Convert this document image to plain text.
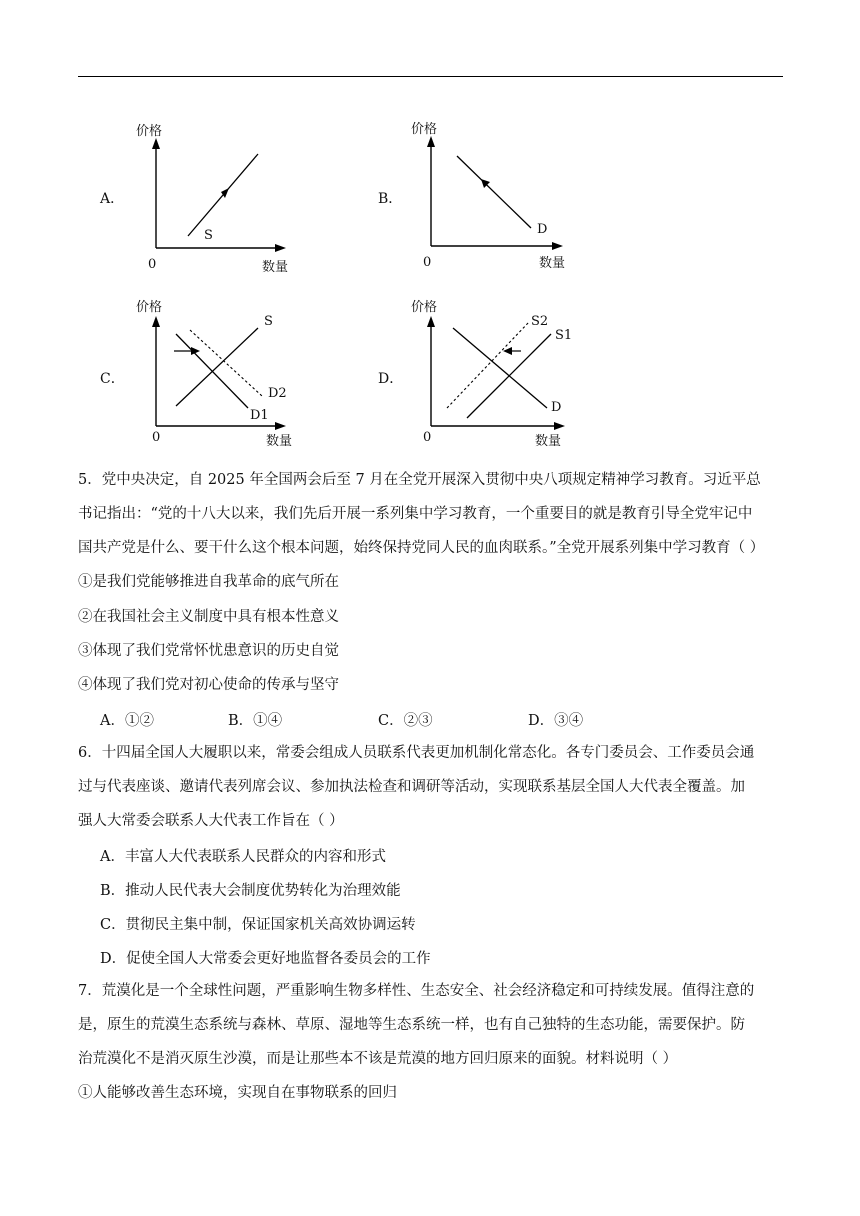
A．
价格
数量
0
S
B．
价格
数量
0
D
C．
价格
数量
0
S
D2
D1
D．
价格
数量
0
S2
S1
D
5．党中央决定，自 2025 年全国两会后至 7 月在全党开展深入贯彻中央八项规定精神学习教育。习近平总
书记指出：“党的十八大以来，我们先后开展一系列集中学习教育，一个重要目的就是教育引导全党牢记中
国共产党是什么、要干什么这个根本问题，始终保持党同人民的血肉联系。”全党开展系列集中学习教育（ ）
①是我们党能够推进自我革命的底气所在
②在我国社会主义制度中具有根本性意义
③体现了我们党常怀忧患意识的历史自觉
④体现了我们党对初心使命的传承与坚守
A．①②	B．①④	C．②③	D．③④
6．十四届全国人大履职以来，常委会组成人员联系代表更加机制化常态化。各专门委员会、工作委员会通
过与代表座谈、邀请代表列席会议、参加执法检查和调研等活动，实现联系基层全国人大代表全覆盖。加
强人大常委会联系人大代表工作旨在（ ）
A．丰富人大代表联系人民群众的内容和形式
B．推动人民代表大会制度优势转化为治理效能
C．贯彻民主集中制，保证国家机关高效协调运转
D．促使全国人大常委会更好地监督各委员会的工作
7．荒漠化是一个全球性问题，严重影响生物多样性、生态安全、社会经济稳定和可持续发展。值得注意的
是，原生的荒漠生态系统与森林、草原、湿地等生态系统一样，也有自己独特的生态功能，需要保护。防
治荒漠化不是消灭原生沙漠，而是让那些本不该是荒漠的地方回归原来的面貌。材料说明（ ）
①人能够改善生态环境，实现自在事物联系的回归
